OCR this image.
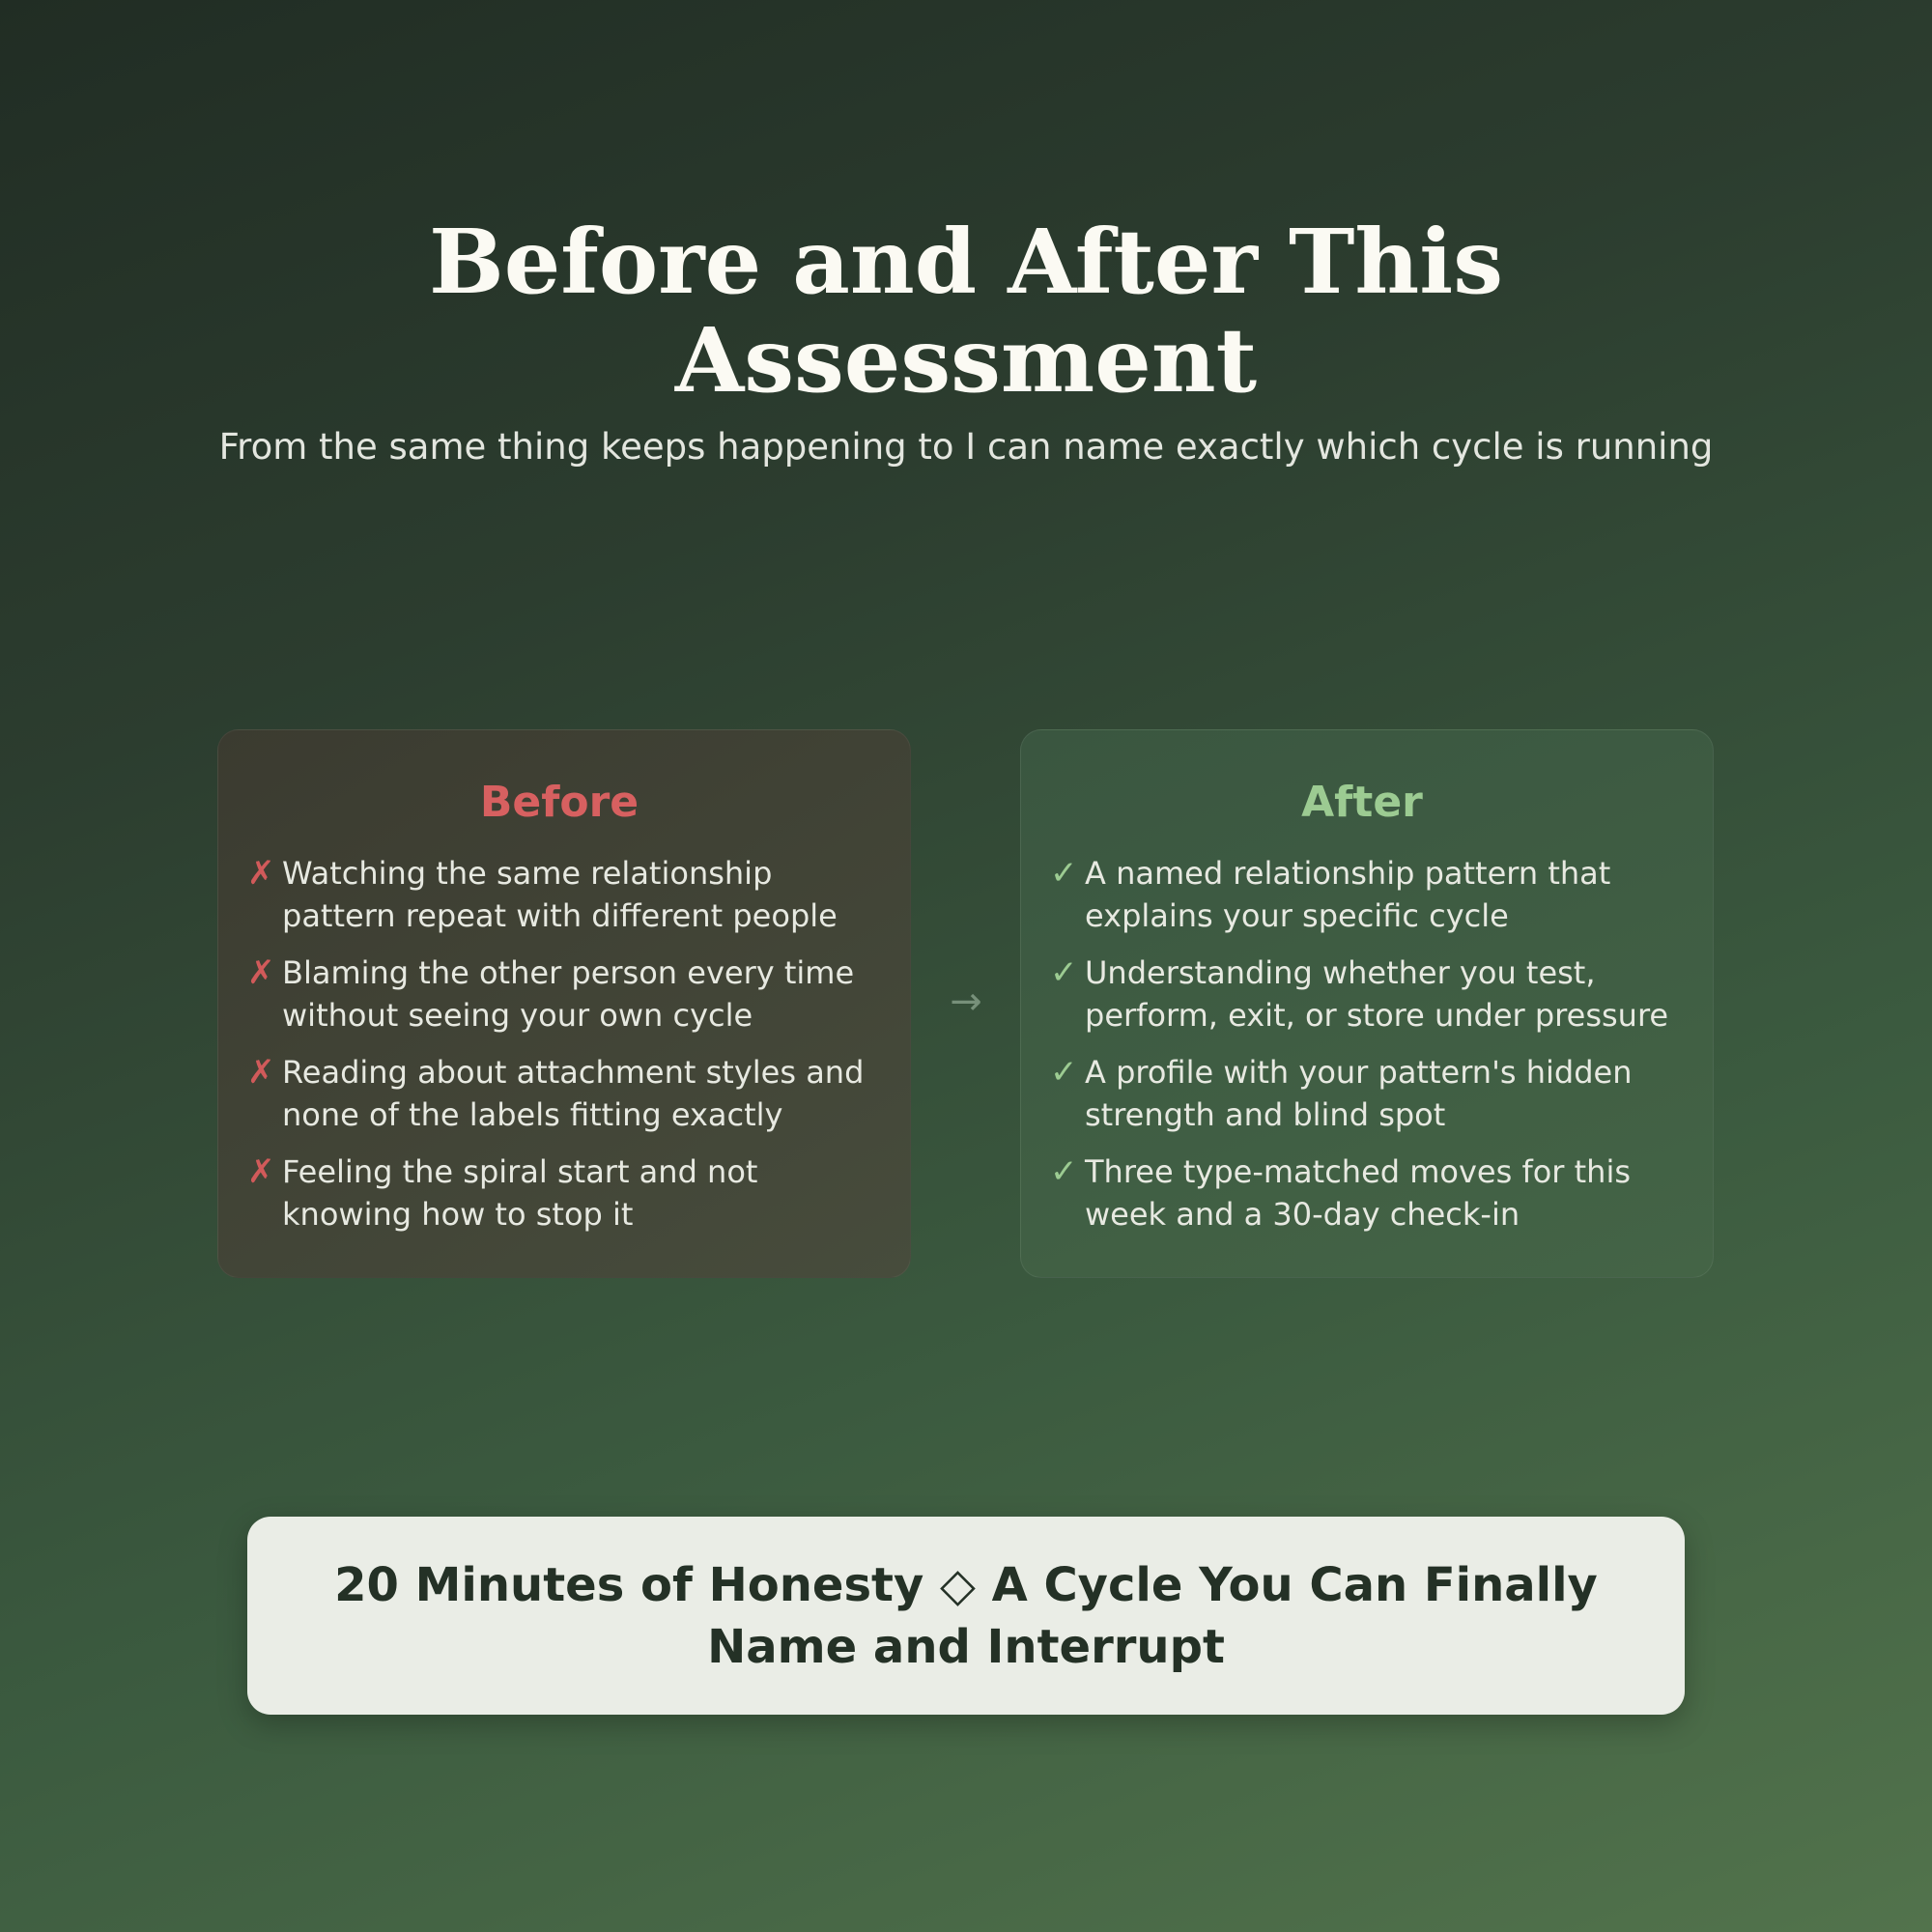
Before and After This Assessment
From the same thing keeps happening to I can name exactly which cycle is running
Before
✗ Watching the same relationship pattern repeat with different people
✗ Blaming the other person every time without seeing your own cycle
✗ Reading about attachment styles and none of the labels fitting exactly
✗ Feeling the spiral start and not knowing how to stop it
→
After
✓ A named relationship pattern that explains your specific cycle
✓ Understanding whether you test, perform, exit, or store under pressure
✓ A profile with your pattern's hidden strength and blind spot
✓ Three type-matched moves for this week and a 30-day check-in
20 Minutes of Honesty ◇ A Cycle You Can Finally Name and Interrupt
